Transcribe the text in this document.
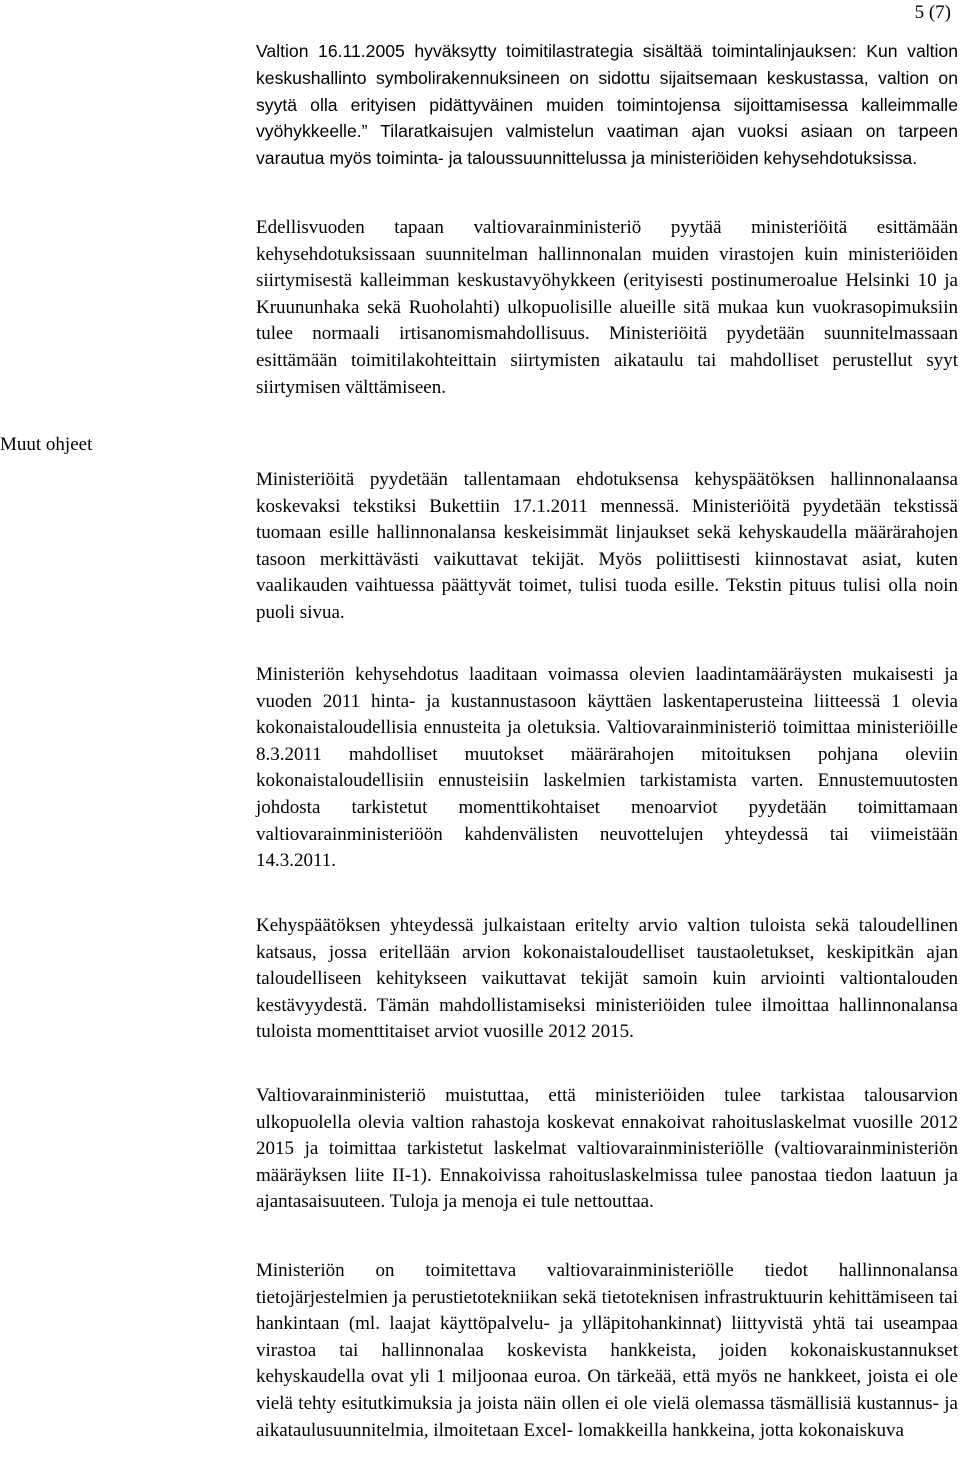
5 (7)
Muut ohjeet

Valtion 16.11.2005 hyväksytty toimitilastrategia sisältää toimintalinjauksen: Kun valtion keskushallinto symbolirakennuksineen on sidottu sijaitsemaan keskustassa, valtion on syytä olla erityisen pidättyväinen muiden toimintojensa sijoittamisessa kalleimmalle vyöhykkeelle.” Tilaratkaisujen valmistelun vaatiman ajan vuoksi asiaan on tarpeen varautua myös toiminta- ja taloussuunnittelussa ja ministeriöiden kehysehdotuksissa.

Edellisvuoden tapaan valtiovarainministeriö pyytää ministeriöitä esittämään kehysehdotuksissaan suunnitelman hallinnonalan muiden virastojen kuin ministeriöiden siirtymisestä kalleimman keskustavyöhykkeen (erityisesti postinumeroalue Helsinki 10 ja Kruununhaka sekä Ruoholahti) ulkopuolisille alueille sitä mukaa kun vuokrasopimuksiin tulee normaali irtisanomismahdollisuus. Ministeriöitä pyydetään suunnitelmassaan esittämään toimitilakohteittain siirtymisten aikataulu tai mahdolliset perustellut syyt siirtymisen välttämiseen.

Ministeriöitä pyydetään tallentamaan ehdotuksensa kehyspäätöksen hallinnonalaansa koskevaksi tekstiksi Bukettiin 17.1.2011 mennessä. Ministeriöitä pyydetään tekstissä tuomaan esille hallinnonalansa keskeisimmät linjaukset sekä kehyskaudella määrärahojen tasoon merkittävästi vaikuttavat tekijät. Myös poliittisesti kiinnostavat asiat, kuten vaalikauden vaihtuessa päättyvät toimet, tulisi tuoda esille. Tekstin pituus tulisi olla noin puoli sivua.

Ministeriön kehysehdotus laaditaan voimassa olevien laadintamääräysten mukaisesti ja vuoden 2011 hinta- ja kustannustasoon käyttäen laskentaperusteina liitteessä 1 olevia kokonaistaloudellisia ennusteita ja oletuksia. Valtiovarainministeriö toimittaa ministeriöille 8.3.2011 mahdolliset muutokset määrärahojen mitoituksen pohjana oleviin kokonaistaloudellisiin ennusteisiin laskelmien tarkistamista varten. Ennustemuutosten johdosta tarkistetut momenttikohtaiset menoarviot pyydetään toimittamaan valtiovarainministeriöön kahdenvälisten neuvottelujen yhteydessä tai viimeistään 14.3.2011.

Kehyspäätöksen yhteydessä julkaistaan eritelty arvio valtion tuloista sekä taloudellinen katsaus, jossa eritellään arvion kokonaistaloudelliset taustaoletukset, keskipitkän ajan taloudelliseen kehitykseen vaikuttavat tekijät samoin kuin arviointi valtiontalouden kestävyydestä. Tämän mahdollistamiseksi ministeriöiden tulee ilmoittaa hallinnonalansa tuloista momenttitaiset arviot vuosille 2012 2015.

Valtiovarainministeriö muistuttaa, että ministeriöiden tulee tarkistaa talousarvion ulkopuolella olevia valtion rahastoja koskevat ennakoivat rahoituslaskelmat vuosille 2012 2015 ja toimittaa tarkistetut laskelmat valtiovarainministeriölle (valtiovarainministeriön määräyksen liite II-1). Ennakoivissa rahoituslaskelmissa tulee panostaa tiedon laatuun ja ajantasaisuuteen. Tuloja ja menoja ei tule nettouttaa.

Ministeriön on toimitettava valtiovarainministeriölle tiedot hallinnonalansa tietojärjestelmien ja perustietotekniikan sekä tietoteknisen infrastruktuurin kehittämiseen tai hankintaan (ml. laajat käyttöpalvelu- ja ylläpitohankinnat) liittyvistä yhtä tai useampaa virastoa tai hallinnonalaa koskevista hankkeista, joiden kokonaiskustannukset kehyskaudella ovat yli 1 miljoonaa euroa. On tärkeää, että myös ne hankkeet, joista ei ole vielä tehty esitutkimuksia ja joista näin ollen ei ole vielä olemassa täsmällisiä kustannus- ja aikataulusuunnitelmia, ilmoitetaan Excel- lomakkeilla hankkeina, jotta kokonaiskuva
